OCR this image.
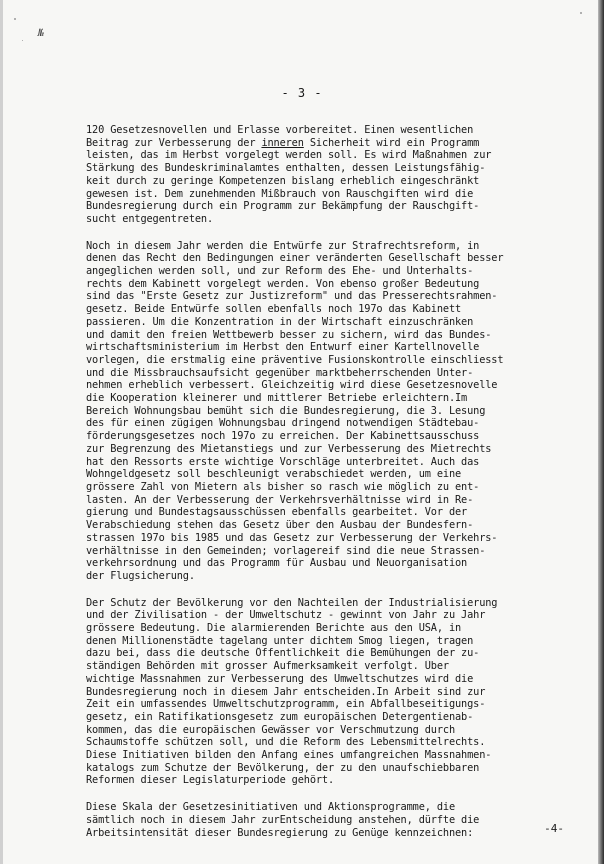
№
- 3 -
120 Gesetzesnovellen und Erlasse vorbereitet. Einen wesentlichen
Beitrag zur Verbesserung der inneren Sicherheit wird ein Programm
leisten, das im Herbst vorgelegt werden soll. Es wird Maßnahmen zur
Stärkung des Bundeskriminalamtes enthalten, dessen Leistungsfähig-
keit durch zu geringe Kompetenzen bislang erheblich eingeschränkt
gewesen ist. Dem zunehmenden Mißbrauch von Rauschgiften wird die
Bundesregierung durch ein Programm zur Bekämpfung der Rauschgift-
sucht entgegentreten.
Noch in diesem Jahr werden die Entwürfe zur Strafrechtsreform, in
denen das Recht den Bedingungen einer veränderten Gesellschaft besser
angeglichen werden soll, und zur Reform des Ehe- und Unterhalts-
rechts dem Kabinett vorgelegt werden. Von ebenso großer Bedeutung
sind das "Erste Gesetz zur Justizreform" und das Presserechtsrahmen-
gesetz. Beide Entwürfe sollen ebenfalls noch 197o das Kabinett
passieren. Um die Konzentration in der Wirtschaft einzuschränken
und damit den freien Wettbewerb besser zu sichern, wird das Bundes-
wirtschaftsministerium im Herbst den Entwurf einer Kartellnovelle
vorlegen, die erstmalig eine präventive Fusionskontrolle einschliesst
und die Missbrauchsaufsicht gegenüber marktbeherrschenden Unter-
nehmen erheblich verbessert. Gleichzeitig wird diese Gesetzesnovelle
die Kooperation kleinerer und mittlerer Betriebe erleichtern.Im
Bereich Wohnungsbau bemüht sich die Bundesregierung, die 3. Lesung
des für einen zügigen Wohnungsbau dringend notwendigen Städtebau-
förderungsgesetzes noch 197o zu erreichen. Der Kabinettsausschuss
zur Begrenzung des Mietanstiegs und zur Verbesserung des Mietrechts
hat den Ressorts erste wichtige Vorschläge unterbreitet. Auch das
Wohngeldgesetz soll beschleunigt verabschiedet werden, um eine
grössere Zahl von Mietern als bisher so rasch wie möglich zu ent-
lasten. An der Verbesserung der Verkehrsverhältnisse wird in Re-
gierung und Bundestagsausschüssen ebenfalls gearbeitet. Vor der
Verabschiedung stehen das Gesetz über den Ausbau der Bundesfern-
strassen 197o bis 1985 und das Gesetz zur Verbesserung der Verkehrs-
verhältnisse in den Gemeinden; vorlagereif sind die neue Strassen-
verkehrsordnung und das Programm für Ausbau und Neuorganisation
der Flugsicherung.
Der Schutz der Bevölkerung vor den Nachteilen der Industrialisierung
und der Zivilisation - der Umweltschutz - gewinnt von Jahr zu Jahr
grössere Bedeutung. Die alarmierenden Berichte aus den USA, in
denen Millionenstädte tagelang unter dichtem Smog liegen, tragen
dazu bei, dass die deutsche Öffentlichkeit die Bemühungen der zu-
ständigen Behörden mit grosser Aufmerksamkeit verfolgt. Über
wichtige Massnahmen zur Verbesserung des Umweltschutzes wird die
Bundesregierung noch in diesem Jahr entscheiden.In Arbeit sind zur
Zeit ein umfassendes Umweltschutzprogramm, ein Abfallbeseitigungs-
gesetz, ein Ratifikationsgesetz zum europäischen Detergentienab-
kommen, das die europäischen Gewässer vor Verschmutzung durch
Schaumstoffe schützen soll, und die Reform des Lebensmittelrechts.
Diese Initiativen bilden den Anfang eines umfangreichen Massnahmen-
katalogs zum Schutze der Bevölkerung, der zu den unaufschiebbaren
Reformen dieser Legislaturperiode gehört.
Diese Skala der Gesetzesinitiativen und Aktionsprogramme, die
sämtlich noch in diesem Jahr zurEntscheidung anstehen, dürfte die
Arbeitsintensität dieser Bundesregierung zu Genüge kennzeichnen:	-4-
